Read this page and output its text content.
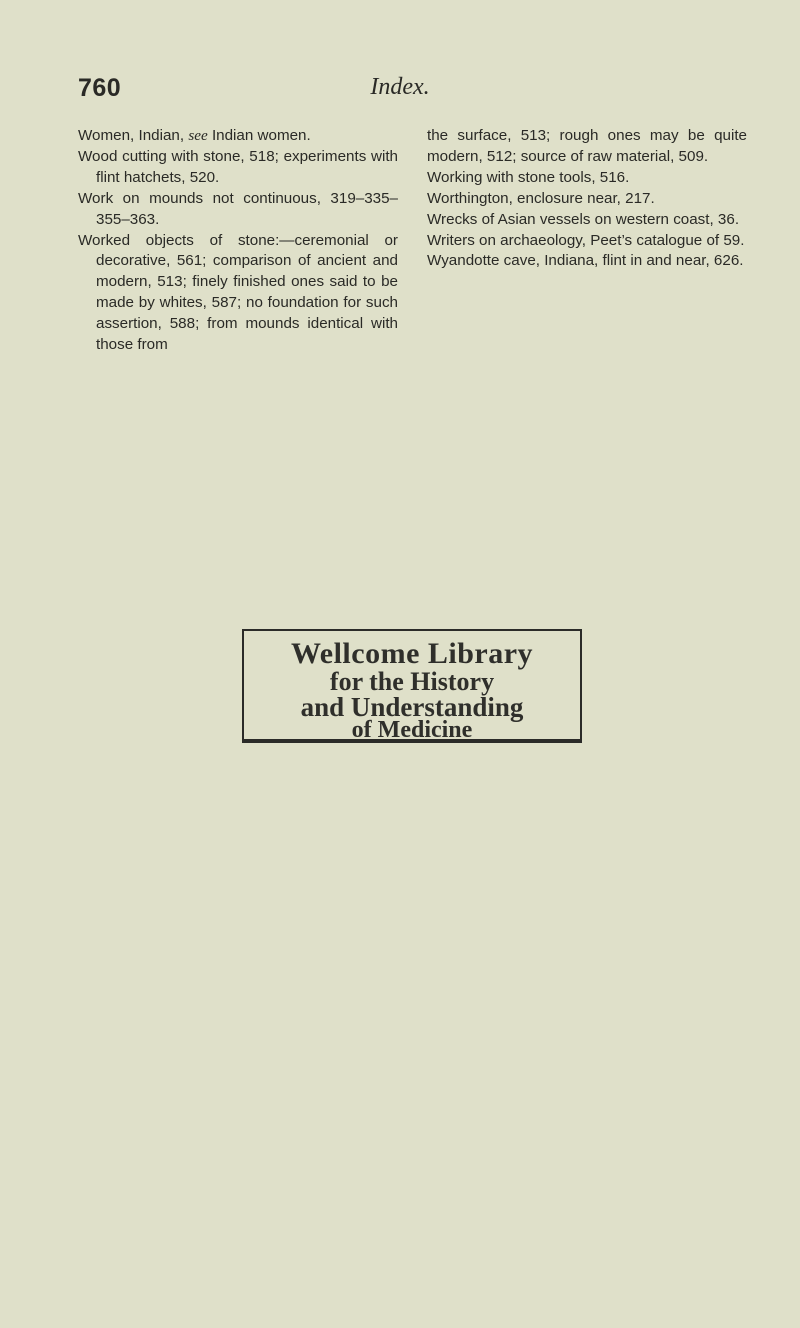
760	Index.

Women, Indian, see Indian women.

Wood cutting with stone, 518; experiments with flint hatchets, 520.

Work on mounds not continuous, 319–335–355–363.

Worked objects of stone:—ceremonial or decorative, 561; comparison of ancient and modern, 513; finely finished ones said to be made by whites, 587; no foundation for such assertion, 588; from mounds identical with those from

the surface, 513; rough ones may be quite modern, 512; source of raw material, 509.

Working with stone tools, 516.

Worthington, enclosure near, 217.

Wrecks of Asian vessels on western coast, 36.

Writers on archaeology, Peet’s catalogue of 59.

Wyandotte cave, Indiana, flint in and near, 626.

Wellcome Library
for the History
and Understanding
of Medicine
